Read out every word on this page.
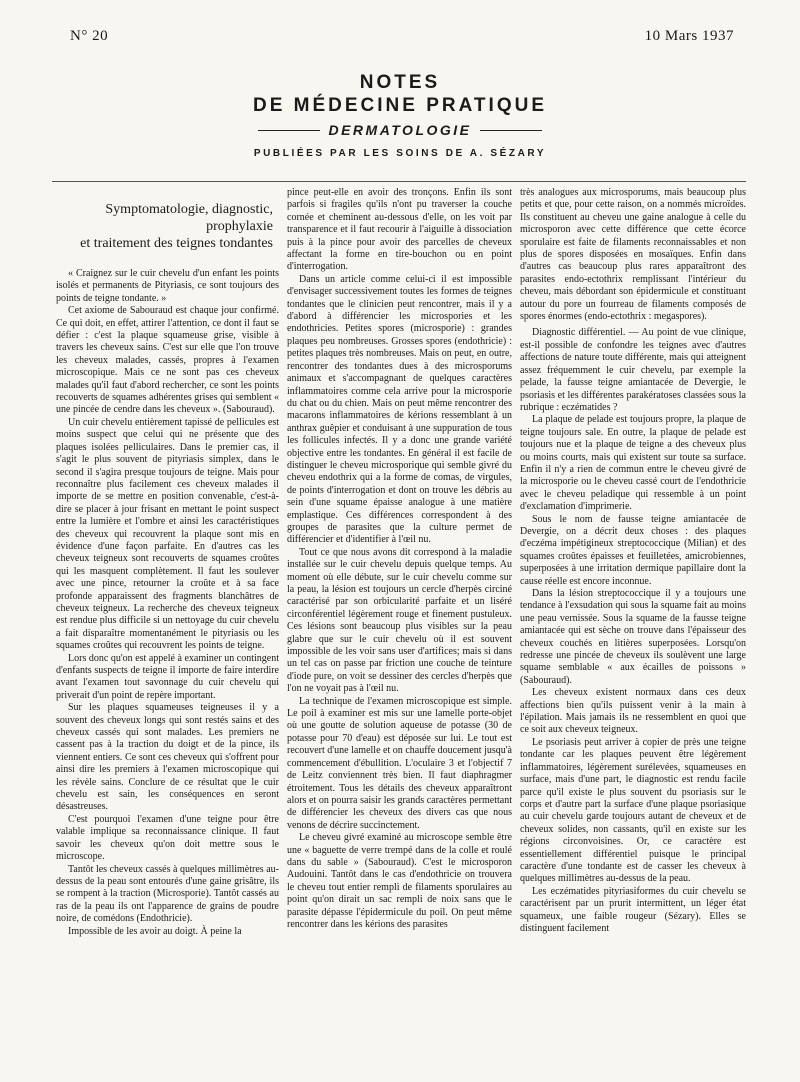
N° 20	10 Mars 1937
NOTES
DE MÉDECINE PRATIQUE
DERMATOLOGIE
PUBLIÉES PAR LES SOINS DE A. SÉZARY
Symptomatologie, diagnostic,
prophylaxie
et traitement des teignes tondantes

« Craignez sur le cuir chevelu d'un enfant les points isolés et permanents de Pityriasis, ce sont toujours des points de teigne tondante. »

Cet axiome de Sabouraud est chaque jour confirmé. Ce qui doit, en effet, attirer l'attention, ce dont il faut se défier : c'est la plaque squameuse grise, visible à travers les cheveux sains. C'est sur elle que l'on trouve les cheveux malades, cassés, propres à l'examen microscopique. Mais ce ne sont pas ces cheveux malades qu'il faut d'abord rechercher, ce sont les points recouverts de squames adhérentes grises qui semblent « une pincée de cendre dans les cheveux ». (Sabouraud).

Un cuir chevelu entièrement tapissé de pellicules est moins suspect que celui qui ne présente que des plaques isolées pelliculaires. Dans le premier cas, il s'agit le plus souvent de pityriasis simplex, dans le second il s'agira presque toujours de teigne. Mais pour reconnaître plus facilement ces cheveux malades il importe de se mettre en position convenable, c'est-à-dire se placer à jour frisant en mettant le point suspect entre la lumière et l'ombre et ainsi les caractéristiques des cheveux qui recouvrent la plaque sont mis en évidence d'une façon parfaite. En d'autres cas les cheveux teigneux sont recouverts de squames croûtes qui les masquent complètement. Il faut les soulever avec une pince, retourner la croûte et à sa face profonde apparaissent des fragments blanchâtres de cheveux teigneux. La recherche des cheveux teigneux est rendue plus difficile si un nettoyage du cuir chevelu a fait disparaître momentanément le pityriasis ou les squames croûtes qui recouvrent les points de teigne.

Lors donc qu'on est appelé à examiner un contingent d'enfants suspects de teigne il importe de faire interdire avant l'examen tout savonnage du cuir chevelu qui priverait d'un point de repère important.

Sur les plaques squameuses teigneuses il y a souvent des cheveux longs qui sont restés sains et des cheveux cassés qui sont malades. Les premiers ne cassent pas à la traction du doigt et de la pince, ils viennent entiers. Ce sont ces cheveux qui s'offrent pour ainsi dire les premiers à l'examen microscopique qui les révèle sains. Conclure de ce résultat que le cuir chevelu est sain, les conséquences en seront désastreuses.

C'est pourquoi l'examen d'une teigne pour être valable implique sa reconnaissance clinique. Il faut savoir les cheveux qu'on doit mettre sous le microscope.

Tantôt les cheveux cassés à quelques millimètres au-dessus de la peau sont entourés d'une gaine grisâtre, ils se rompent à la traction (Microsporie). Tantôt cassés au ras de la peau ils ont l'apparence de grains de poudre noire, de comédons (Endothricie).

Impossible de les avoir au doigt. À peine la

pince peut-elle en avoir des tronçons. Enfin ils sont parfois si fragiles qu'ils n'ont pu traverser la couche cornée et cheminent au-dessous d'elle, on les voit par transparence et il faut recourir à l'aiguille à dissociation puis à la pince pour avoir des parcelles de cheveux affectant la forme en tire-bouchon ou en point d'interrogation.

Dans un article comme celui-ci il est impossible d'envisager successivement toutes les formes de teignes tondantes que le clinicien peut rencontrer, mais il y a d'abord à différencier les microspories et les endothricies. Petites spores (microsporie) : grandes plaques peu nombreuses. Grosses spores (endothricie) : petites plaques très nombreuses. Mais on peut, en outre, rencontrer des tondantes dues à des microsporums animaux et s'accompagnant de quelques caractères inflammatoires comme cela arrive pour la microsporie du chat ou du chien. Mais on peut même rencontrer des macarons inflammatoires de kérions ressemblant à un anthrax guêpier et conduisant à une suppuration de tous les follicules infectés. Il y a donc une grande variété objective entre les tondantes. En général il est facile de distinguer le cheveu microsporique qui semble givré du cheveu endothrix qui a la forme de comas, de virgules, de points d'interrogation et dont on trouve les débris au sein d'une squame épaisse analogue à une matière emplastique. Ces différences correspondent à des groupes de parasites que la culture permet de différencier et d'identifier à l'œil nu.

Tout ce que nous avons dit correspond à la maladie installée sur le cuir chevelu depuis quelque temps. Au moment où elle débute, sur le cuir chevelu comme sur la peau, la lésion est toujours un cercle d'herpès circiné caractérisé par son orbicularité parfaite et un liséré circonférentiel légèrement rouge et finement pustuleux. Ces lésions sont beaucoup plus visibles sur la peau glabre que sur le cuir chevelu où il est souvent impossible de les voir sans user d'artifices; mais si dans un tel cas on passe par friction une couche de teinture d'iode pure, on voit se dessiner des cercles d'herpès que l'on ne voyait pas à l'œil nu.

La technique de l'examen microscopique est simple. Le poil à examiner est mis sur une lamelle porte-objet où une goutte de solution aqueuse de potasse (30 de potasse pour 70 d'eau) est déposée sur lui. Le tout est recouvert d'une lamelle et on chauffe doucement jusqu'à commencement d'ébullition. L'oculaire 3 et l'objectif 7 de Leitz conviennent très bien. Il faut diaphragmer étroitement. Tous les détails des cheveux apparaîtront alors et on pourra saisir les grands caractères permettant de différencier les cheveux des divers cas que nous venons de décrire succinctement.

Le cheveu givré examiné au microscope semble être une « baguette de verre trempé dans de la colle et roulé dans du sable » (Sabouraud). C'est le microsporon Audouini. Tantôt dans le cas d'endothricie on trouvera le cheveu tout entier rempli de filaments sporulaires au point qu'on dirait un sac rempli de noix sans que le parasite dépasse l'épidermicule du poil. On peut même rencontrer dans les kérions des parasites

très analogues aux microsporums, mais beaucoup plus petits et que, pour cette raison, on a nommés microïdes. Ils constituent au cheveu une gaine analogue à celle du microsporon avec cette différence que cette écorce sporulaire est faite de filaments reconnaissables et non plus de spores disposées en mosaïques. Enfin dans d'autres cas beaucoup plus rares apparaîtront des parasites endo-ectothrix remplissant l'intérieur du cheveu, mais débordant son épidermicule et constituant autour du pore un fourreau de filaments composés de spores énormes (endo-ectothrix : megaspores).

Diagnostic différentiel. — Au point de vue clinique, est-il possible de confondre les teignes avec d'autres affections de nature toute différente, mais qui atteignent assez fréquemment le cuir chevelu, par exemple la pelade, la fausse teigne amiantacée de Devergie, le psoriasis et les différentes parakératoses classées sous la rubrique : eczématides ?

La plaque de pelade est toujours propre, la plaque de teigne toujours sale. En outre, la plaque de pelade est toujours nue et la plaque de teigne a des cheveux plus ou moins courts, mais qui existent sur toute sa surface. Enfin il n'y a rien de commun entre le cheveu givré de la microsporie ou le cheveu cassé court de l'endothricie avec le cheveu peladique qui ressemble à un point d'exclamation d'imprimerie.

Sous le nom de fausse teigne amiantacée de Devergie, on a décrit deux choses : des plaques d'eczéma impétigineux streptococcique (Milian) et des squames croûtes épaisses et feuilletées, amicrobiennes, superposées à une irritation dermique papillaire dont la cause réelle est encore inconnue.

Dans la lésion streptococcique il y a toujours une tendance à l'exsudation qui sous la squame fait au moins une peau vernissée. Sous la squame de la fausse teigne amiantacée qui est sèche on trouve dans l'épaisseur des cheveux couchés en litières superposées. Lorsqu'on redresse une pincée de cheveux ils soulèvent une large squame semblable « aux écailles de poissons » (Sabouraud).

Les cheveux existent normaux dans ces deux affections bien qu'ils puissent venir à la main à l'épilation. Mais jamais ils ne ressemblent en quoi que ce soit aux cheveux teigneux.

Le psoriasis peut arriver à copier de près une teigne tondante car les plaques peuvent être légèrement inflammatoires, légèrement surélevées, squameuses en surface, mais d'une part, le diagnostic est rendu facile parce qu'il existe le plus souvent du psoriasis sur le corps et d'autre part la surface d'une plaque psoriasique au cuir chevelu garde toujours autant de cheveux et de cheveux solides, non cassants, qu'il en existe sur les régions circonvoisines. Or, ce caractère est essentiellement différentiel puisque le principal caractère d'une tondante est de casser les cheveux à quelques millimètres au-dessus de la peau.

Les eczématides pityriasiformes du cuir chevelu se caractérisent par un prurit intermittent, un léger état squameux, une faible rougeur (Sézary). Elles se distinguent facilement
